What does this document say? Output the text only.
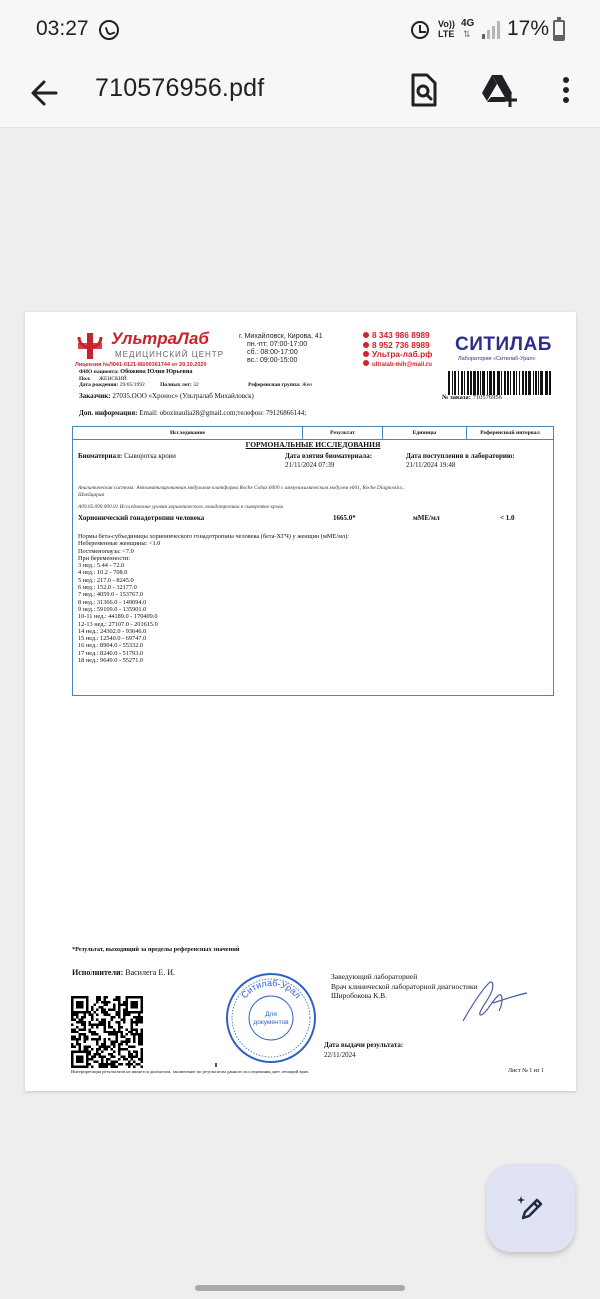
03:27	Vo))
LTE
4G
⇅ 17%
710576956.pdf
УльтраЛаб
МЕДИЦИНСКИЙ ЦЕНТР
Лицензия №Л041-0121-86/00361744 от 20.10.2020
г. Михайловск, Кирова, 41
пн.-пт: 07:00-17:00
сб.: 08:00-17:00
вс.: 09:00-15:00
8 343 986 8989
8 952 736 8989
Ультра-лаб.рф
ultralab-mih@mail.ru
СИТИЛАБ
Лаборатория «Ситилаб-Урал»
ФИО пациента: Обожина Юлия Юрьевна
Пол: ЖЕНСКИЙ
Дата рождения: 29/05/1992	Полных лет: 32	Референсная группа: Жен
Заказчик: 27035.ООО «Хронос» (Ультралаб Михайловск)	№ заказа: 710576956
Доп. информация: Email: obozinaulia28@gmail.com;телефон: 79126866144;
Исследование	Результат	Единицы	Референсный интервал
ГОРМОНАЛЬНЫЕ ИССЛЕДОВАНИЯ
Биоматериал: Сыворотка крови	Дата взятия биоматериала:
21/11/2024 07:39
Дата поступления в лабораторию:
21/11/2024 19:48
Аналитическая система: Автоматизированная модульная платформа Roche Cobas 6000 с иммунохимическим модулем e601, Roche Diagnostics,
Швейцария
A09.05.090.000.01 Исследование уровня хорионического гонадотропина в сыворотке крови
Хорионический гонадотропин человека	1665.0*	мМЕ/мл	< 1.0
Нормы бета-субъединицы хорионического гонадотропина человека (бета-ХГЧ) у женщин (мМЕ/мл):
Небеременные женщины: <1.0
Постменопауза: <7.0
При беременности:
3 нед.: 5.44 - 72.0
4 нед.: 10.2 - 708.0
5 нед.: 217.0 - 8245.0
6 нед.: 152.0 - 32177.0
7 нед.: 4059.0 - 153767.0
8 нед.: 31366.0 - 149094.0
9 нед.: 59109.0 - 135901.0
10-11 нед.: 44189.0 - 170409.0
12-13 нед.: 27107.0 - 201615.0
14 нед.: 24302.0 - 93646.0
15 нед.: 12540.0 - 69747.0
16 нед.: 8904.0 - 55332.0
17 нед.: 8240.0 - 51793.0
18 нед.: 9649.0 - 55271.0
*Результат, выходящий за пределы референсных значений
Исполнители: Василега Е. И.	Заведующий лабораторией
Врач клинической лабораторной диагностики
Широбокова К.В.
Дата выдачи результата:
22/11/2024
Ситилаб-Урал
Для
документов
Интерпретация результатов не является диагнозом, заключение по результатам данного исследования дает лечащий врач.	Лист № 1 из 1
